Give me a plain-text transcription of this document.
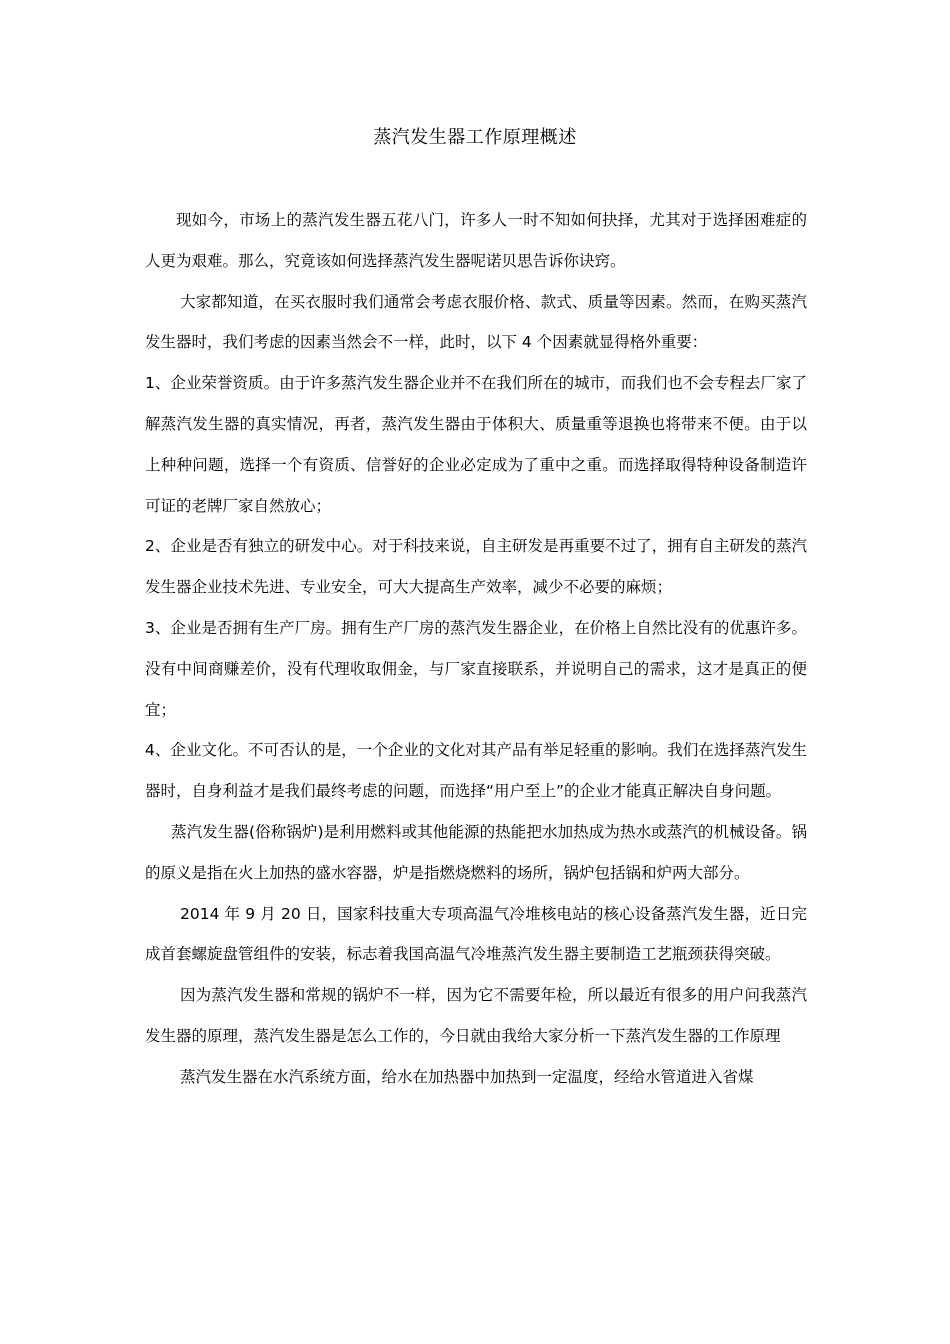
蒸汽发生器工作原理概述

现如今，市场上的蒸汽发生器五花八门，许多人一时不知如何抉择，尤其对于选择困难症的人更为艰难。那么，究竟该如何选择蒸汽发生器呢诺贝思告诉你诀窍。

大家都知道，在买衣服时我们通常会考虑衣服价格、款式、质量等因素。然而，在购买蒸汽发生器时，我们考虑的因素当然会不一样，此时，以下 4 个因素就显得格外重要：

1、企业荣誉资质。由于许多蒸汽发生器企业并不在我们所在的城市，而我们也不会专程去厂家了解蒸汽发生器的真实情况，再者，蒸汽发生器由于体积大、质量重等退换也将带来不便。由于以上种种问题，选择一个有资质、信誉好的企业必定成为了重中之重。而选择取得特种设备制造许可证的老牌厂家自然放心；

2、企业是否有独立的研发中心。对于科技来说，自主研发是再重要不过了，拥有自主研发的蒸汽发生器企业技术先进、专业安全，可大大提高生产效率，减少不必要的麻烦；

3、企业是否拥有生产厂房。拥有生产厂房的蒸汽发生器企业，在价格上自然比没有的优惠许多。没有中间商赚差价，没有代理收取佣金，与厂家直接联系，并说明自己的需求，这才是真正的便宜；

4、企业文化。不可否认的是，一个企业的文化对其产品有举足轻重的影响。我们在选择蒸汽发生器时，自身利益才是我们最终考虑的问题，而选择“用户至上”的企业才能真正解决自身问题。

蒸汽发生器(俗称锅炉)是利用燃料或其他能源的热能把水加热成为热水或蒸汽的机械设备。锅的原义是指在火上加热的盛水容器，炉是指燃烧燃料的场所，锅炉包括锅和炉两大部分。

2014 年 9 月 20 日，国家科技重大专项高温气冷堆核电站的核心设备蒸汽发生器，近日完成首套螺旋盘管组件的安装，标志着我国高温气冷堆蒸汽发生器主要制造工艺瓶颈获得突破。

因为蒸汽发生器和常规的锅炉不一样，因为它不需要年检，所以最近有很多的用户问我蒸汽发生器的原理，蒸汽发生器是怎么工作的，今日就由我给大家分析一下蒸汽发生器的工作原理

蒸汽发生器在水汽系统方面，给水在加热器中加热到一定温度，经给水管道进入省煤
